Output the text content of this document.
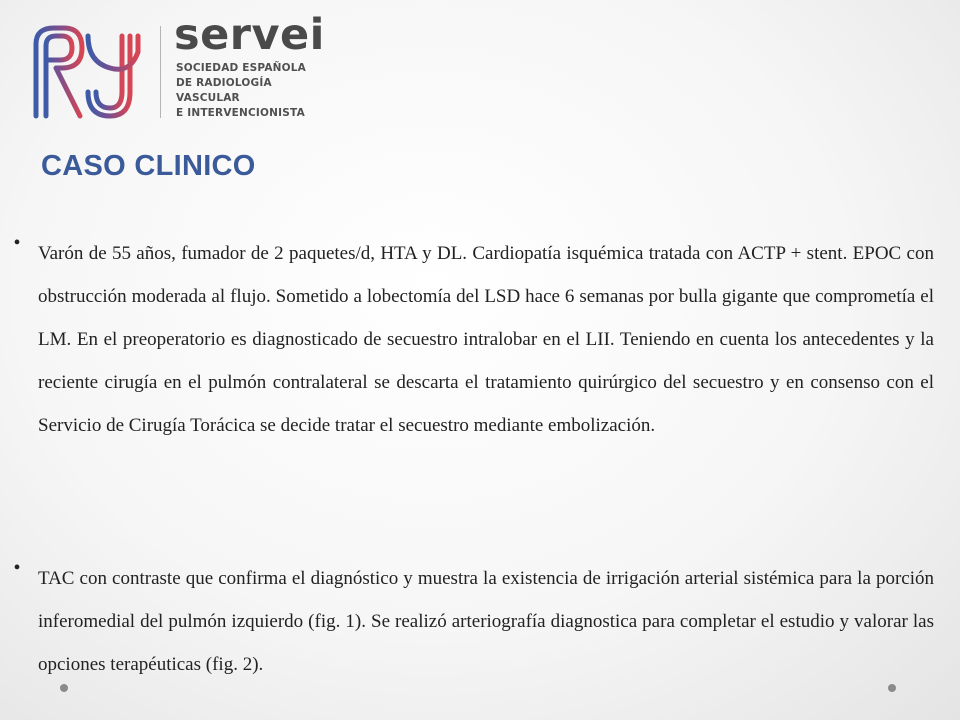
servei
SOCIEDAD ESPAÑOLA
DE RADIOLOGÍA
VASCULAR
E INTERVENCIONISTA
CASO CLINICO
• Varón de 55 años, fumador de 2 paquetes/d, HTA y DL. Cardiopatía isquémica tratada con ACTP + stent. EPOC con obstrucción moderada al flujo. Sometido a lobectomía del LSD hace 6 semanas por bulla gigante que comprometía el LM. En el preoperatorio es diagnosticado de secuestro intralobar en el LII. Teniendo en cuenta los antecedentes y la reciente cirugía en el pulmón contralateral se descarta el tratamiento quirúrgico del secuestro y en consenso con el Servicio de Cirugía Torácica se decide tratar el secuestro mediante embolización.
• TAC con contraste que confirma el diagnóstico y muestra la existencia de irrigación arterial sistémica para la porción inferomedial del pulmón izquierdo (fig. 1). Se realizó arteriografía diagnostica para completar el estudio y valorar las opciones terapéuticas (fig. 2).
